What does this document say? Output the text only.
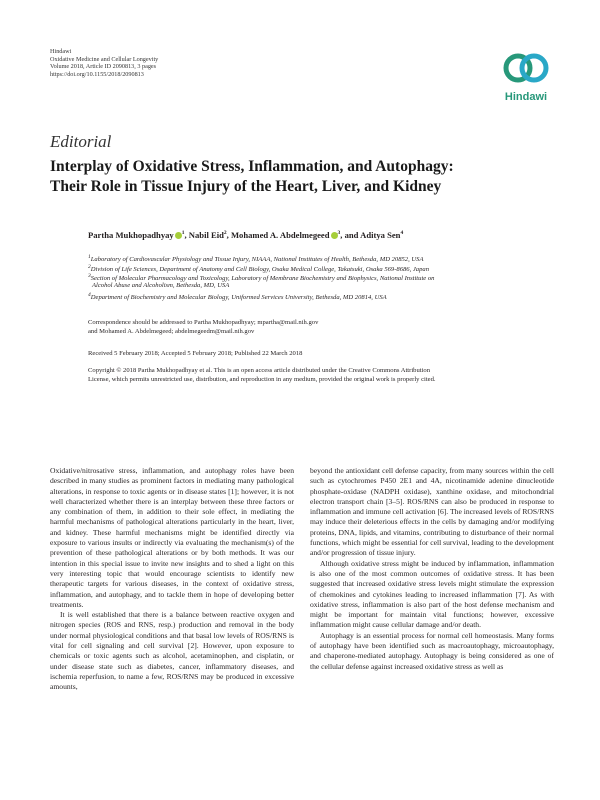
Hindawi
Oxidative Medicine and Cellular Longevity
Volume 2018, Article ID 2090813, 3 pages
https://doi.org/10.1155/2018/2090813
Hindawi
Editorial
Interplay of Oxidative Stress, Inflammation, and Autophagy:
Their Role in Tissue Injury of the Heart, Liver, and Kidney
Partha Mukhopadhyay $^1$, Nabil Eid$^2$, Mohamed A. Abdelmegeed $^3$, and Aditya Sen$^4$
$^1$Laboratory of Cardiovascular Physiology and Tissue Injury, NIAAA, National Institutes of Health, Bethesda, MD 20852, USA
$^2$Division of Life Sciences, Department of Anatomy and Cell Biology, Osaka Medical College, Takatsuki, Osaka 569-8686, Japan
$^3$Section of Molecular Pharmacology and Toxicology, Laboratory of Membrane Biochemistry and Biophysics, National Institute on
Alcohol Abuse and Alcoholism, Bethesda, MD, USA
$^4$Department of Biochemistry and Molecular Biology, Uniformed Services University, Bethesda, MD 20814, USA
Correspondence should be addressed to Partha Mukhopadhyay; mpartha@mail.nih.gov
and Mohamed A. Abdelmegeed; abdelmegeedm@mail.nih.gov
Received 5 February 2018; Accepted 5 February 2018; Published 22 March 2018
Copyright © 2018 Partha Mukhopadhyay et al. This is an open access article distributed under the Creative Commons Attribution
License, which permits unrestricted use, distribution, and reproduction in any medium, provided the original work is properly cited.

Oxidative/nitrosative stress, inflammation, and autophagy roles have been described in many studies as prominent factors in mediating many pathological alterations, in response to toxic agents or in disease states [1]; however, it is not well characterized whether there is an interplay between these three factors or any combination of them, in addition to their sole effect, in mediating the harmful mechanisms of pathological alterations particularly in the heart, liver, and kidney. These harmful mechanisms might be identified directly via exposure to various insults or indirectly via evaluating the mechanism(s) of the prevention of these pathological alterations or by both methods. It was our intention in this special issue to invite new insights and to shed a light on this very interesting topic that would encourage scientists to identify new therapeutic targets for various diseases, in the context of oxidative stress, inflammation, and autophagy, and to tackle them in hope of developing better treatments.

It is well established that there is a balance between reactive oxygen and nitrogen species (ROS and RNS, resp.) production and removal in the body under normal physiological conditions and that basal low levels of ROS/RNS is vital for cell signaling and cell survival [2]. However, upon exposure to chemicals or toxic agents such as alcohol, acetaminophen, and cisplatin, or under disease state such as diabetes, cancer, inflammatory diseases, and ischemia reperfusion, to name a few, ROS/RNS may be produced in excessive amounts,

beyond the antioxidant cell defense capacity, from many sources within the cell such as cytochromes P450 2E1 and 4A, nicotinamide adenine dinucleotide phosphate-oxidase (NADPH oxidase), xanthine oxidase, and mitochondrial electron transport chain [3–5]. ROS/RNS can also be produced in response to inflammation and immune cell activation [6]. The increased levels of ROS/RNS may induce their deleterious effects in the cells by damaging and/or modifying proteins, DNA, lipids, and vitamins, contributing to disturbance of their normal functions, which might be essential for cell survival, leading to the development and/or progression of tissue injury.

Although oxidative stress might be induced by inflammation, inflammation is also one of the most common outcomes of oxidative stress. It has been suggested that increased oxidative stress levels might stimulate the expression of chemokines and cytokines leading to increased inflammation [7]. As with oxidative stress, inflammation is also part of the host defense mechanism and might be important for maintain vital functions; however, excessive inflammation might cause cellular damage and/or death.

Autophagy is an essential process for normal cell homeostasis. Many forms of autophagy have been identified such as macroautophagy, microautophagy, and chaperone-mediated autophagy. Autophagy is being considered as one of the cellular defense against increased oxidative stress as well as
